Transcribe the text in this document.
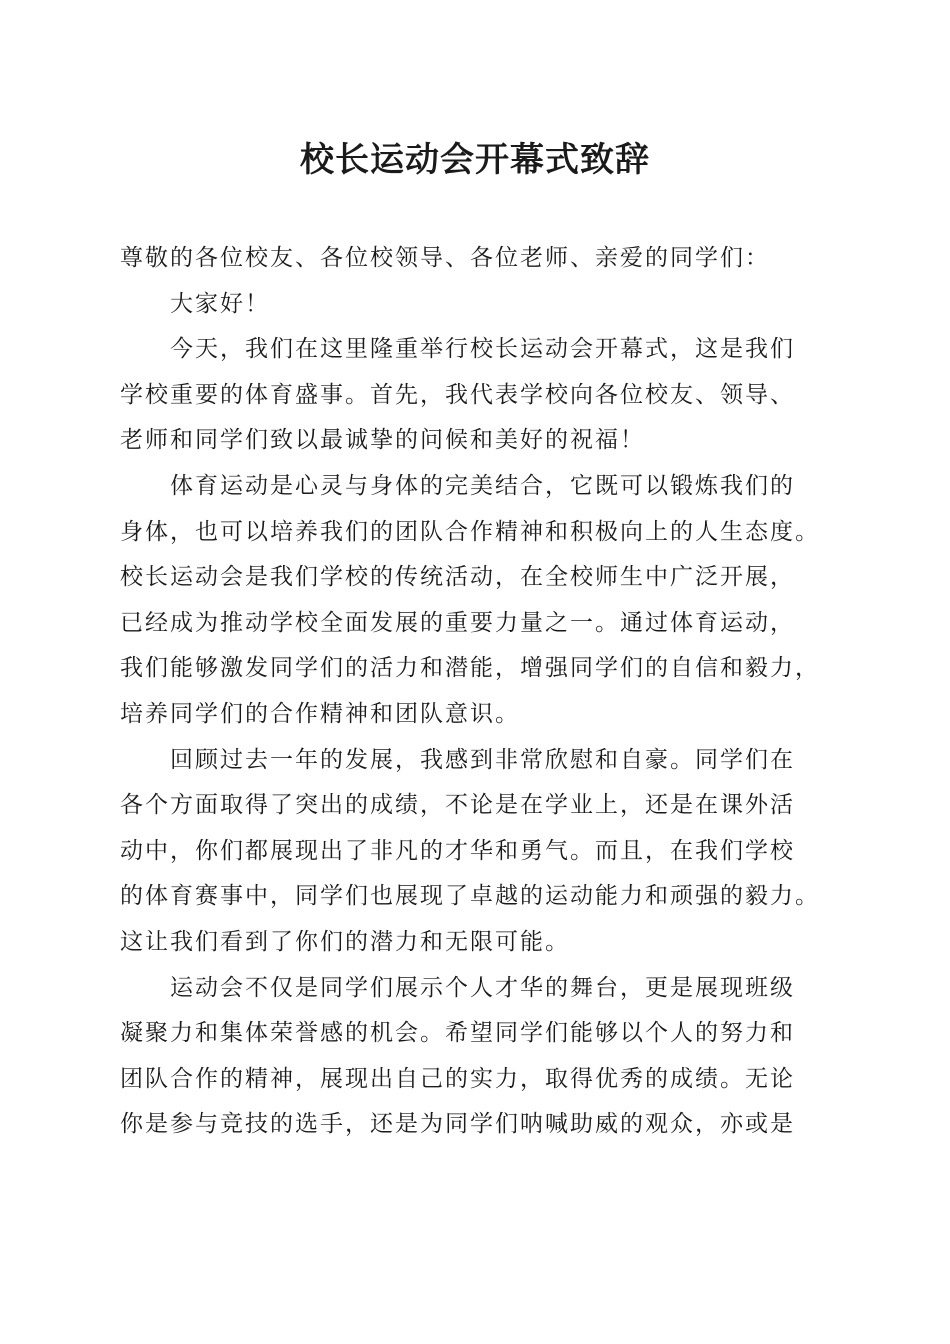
校长运动会开幕式致辞
尊敬的各位校友、各位校领导、各位老师、亲爱的同学们：
大家好！
今天，我们在这里隆重举行校长运动会开幕式，这是我们
学校重要的体育盛事。首先，我代表学校向各位校友、领导、
老师和同学们致以最诚挚的问候和美好的祝福！
体育运动是心灵与身体的完美结合，它既可以锻炼我们的
身体，也可以培养我们的团队合作精神和积极向上的人生态度。
校长运动会是我们学校的传统活动，在全校师生中广泛开展，
已经成为推动学校全面发展的重要力量之一。通过体育运动，
我们能够激发同学们的活力和潜能，增强同学们的自信和毅力，
培养同学们的合作精神和团队意识。
回顾过去一年的发展，我感到非常欣慰和自豪。同学们在
各个方面取得了突出的成绩，不论是在学业上，还是在课外活
动中，你们都展现出了非凡的才华和勇气。而且，在我们学校
的体育赛事中，同学们也展现了卓越的运动能力和顽强的毅力。
这让我们看到了你们的潜力和无限可能。
运动会不仅是同学们展示个人才华的舞台，更是展现班级
凝聚力和集体荣誉感的机会。希望同学们能够以个人的努力和
团队合作的精神，展现出自己的实力，取得优秀的成绩。无论
你是参与竞技的选手，还是为同学们呐喊助威的观众，亦或是
